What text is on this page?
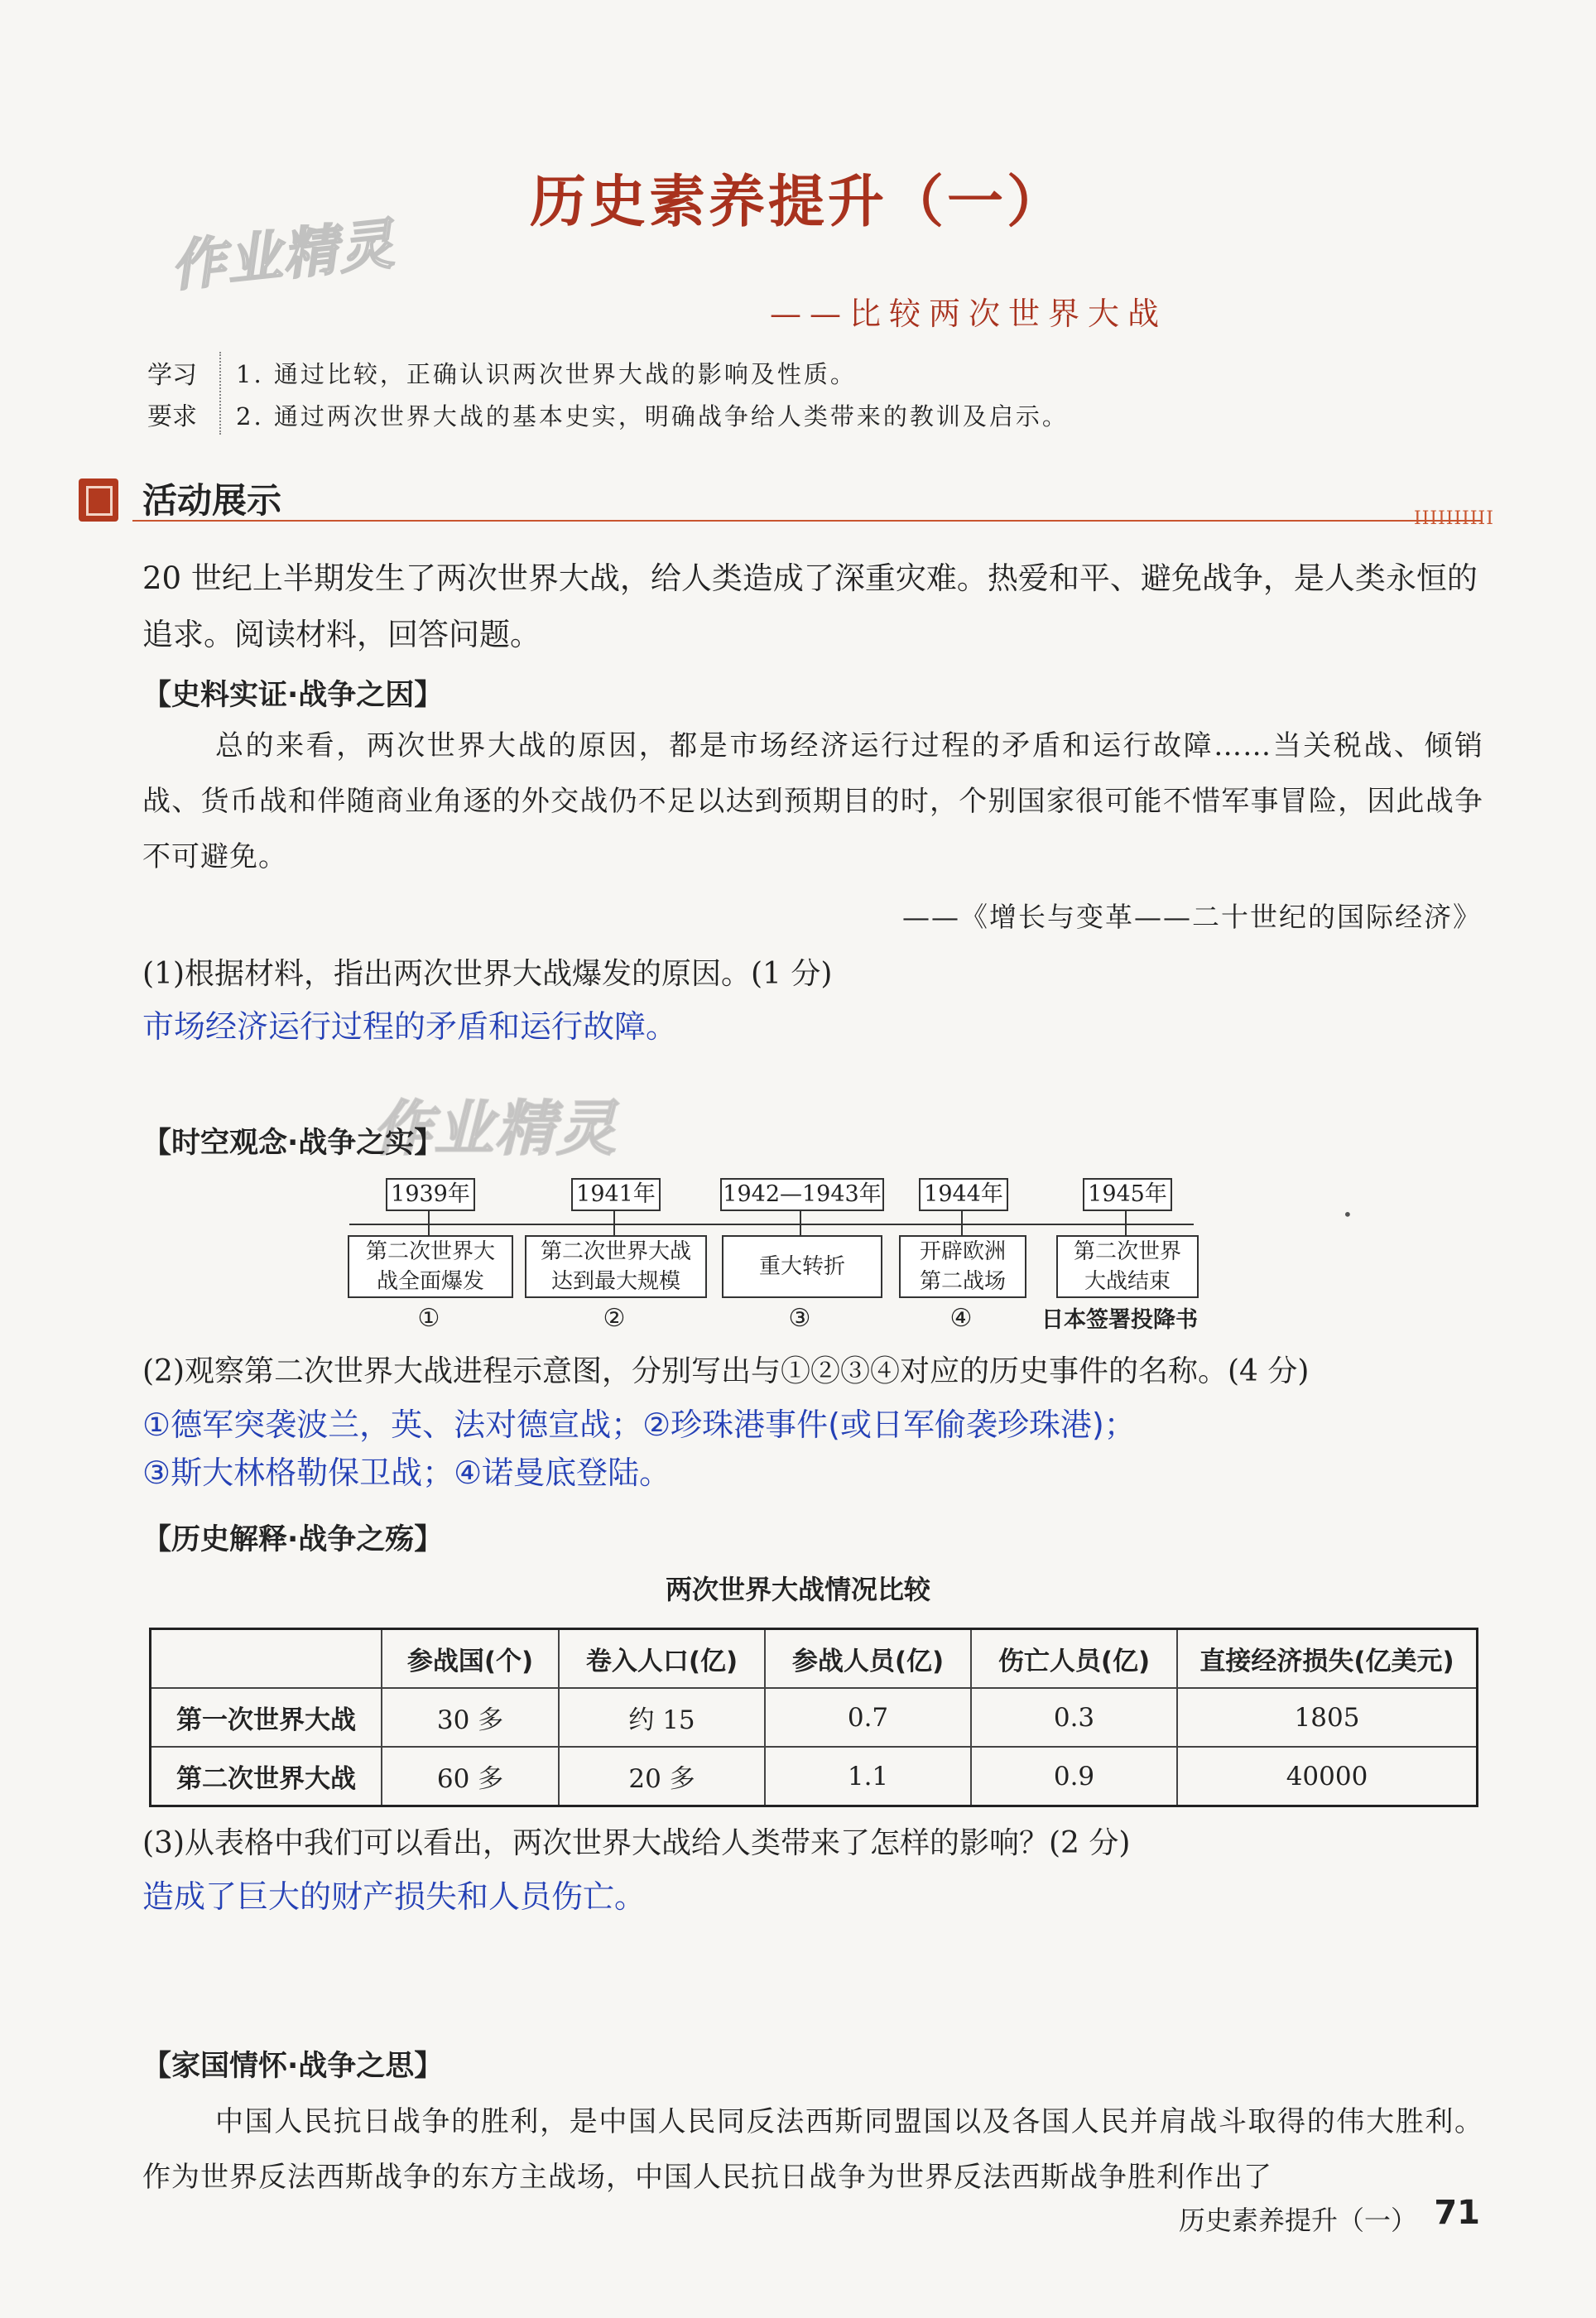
历史素养提升（一）
作业精灵
——比较两次世界大战
学习
要求
1. 通过比较，正确认识两次世界大战的影响及性质。
2. 通过两次世界大战的基本史实，明确战争给人类带来的教训及启示。
活动展示	IIIIIIIIII
20 世纪上半期发生了两次世界大战，给人类造成了深重灾难。热爱和平、避免战争，是人类永恒的追求。阅读材料，回答问题。
【史料实证·战争之因】
总的来看，两次世界大战的原因，都是市场经济运行过程的矛盾和运行故障……当关税战、倾销战、货币战和伴随商业角逐的外交战仍不足以达到预期目的时，个别国家很可能不惜军事冒险，因此战争不可避免。
——《增长与变革——二十世纪的国际经济》
(1)根据材料，指出两次世界大战爆发的原因。(1 分)
市场经济运行过程的矛盾和运行故障。
作业精灵
【时空观念·战争之实】
•
1939年	1941年	1942—1943年 1944年	1945年
第二次世界大
战全面爆发
第二次世界大战
达到最大规模
重大转折
开辟欧洲
第二战场
第二次世界
大战结束
①	②	③	④	日本签署投降书
(2)观察第二次世界大战进程示意图，分别写出与①②③④对应的历史事件的名称。(4 分)
①德军突袭波兰，英、法对德宣战；②珍珠港事件(或日军偷袭珍珠港)；
③斯大林格勒保卫战；④诺曼底登陆。
【历史解释·战争之殇】
两次世界大战情况比较
	参战国(个)	卷入人口(亿)	参战人员(亿)	伤亡人员(亿)	直接经济损失(亿美元)
第一次世界大战	30 多	约 15	0.7	0.3	1805
第二次世界大战	60 多	20 多	1.1	0.9	40000
(3)从表格中我们可以看出，两次世界大战给人类带来了怎样的影响？(2 分)
造成了巨大的财产损失和人员伤亡。
【家国情怀·战争之思】
中国人民抗日战争的胜利，是中国人民同反法西斯同盟国以及各国人民并肩战斗取得的伟大胜利。作为世界反法西斯战争的东方主战场，中国人民抗日战争为世界反法西斯战争胜利作出了
历史素养提升（一） 71
